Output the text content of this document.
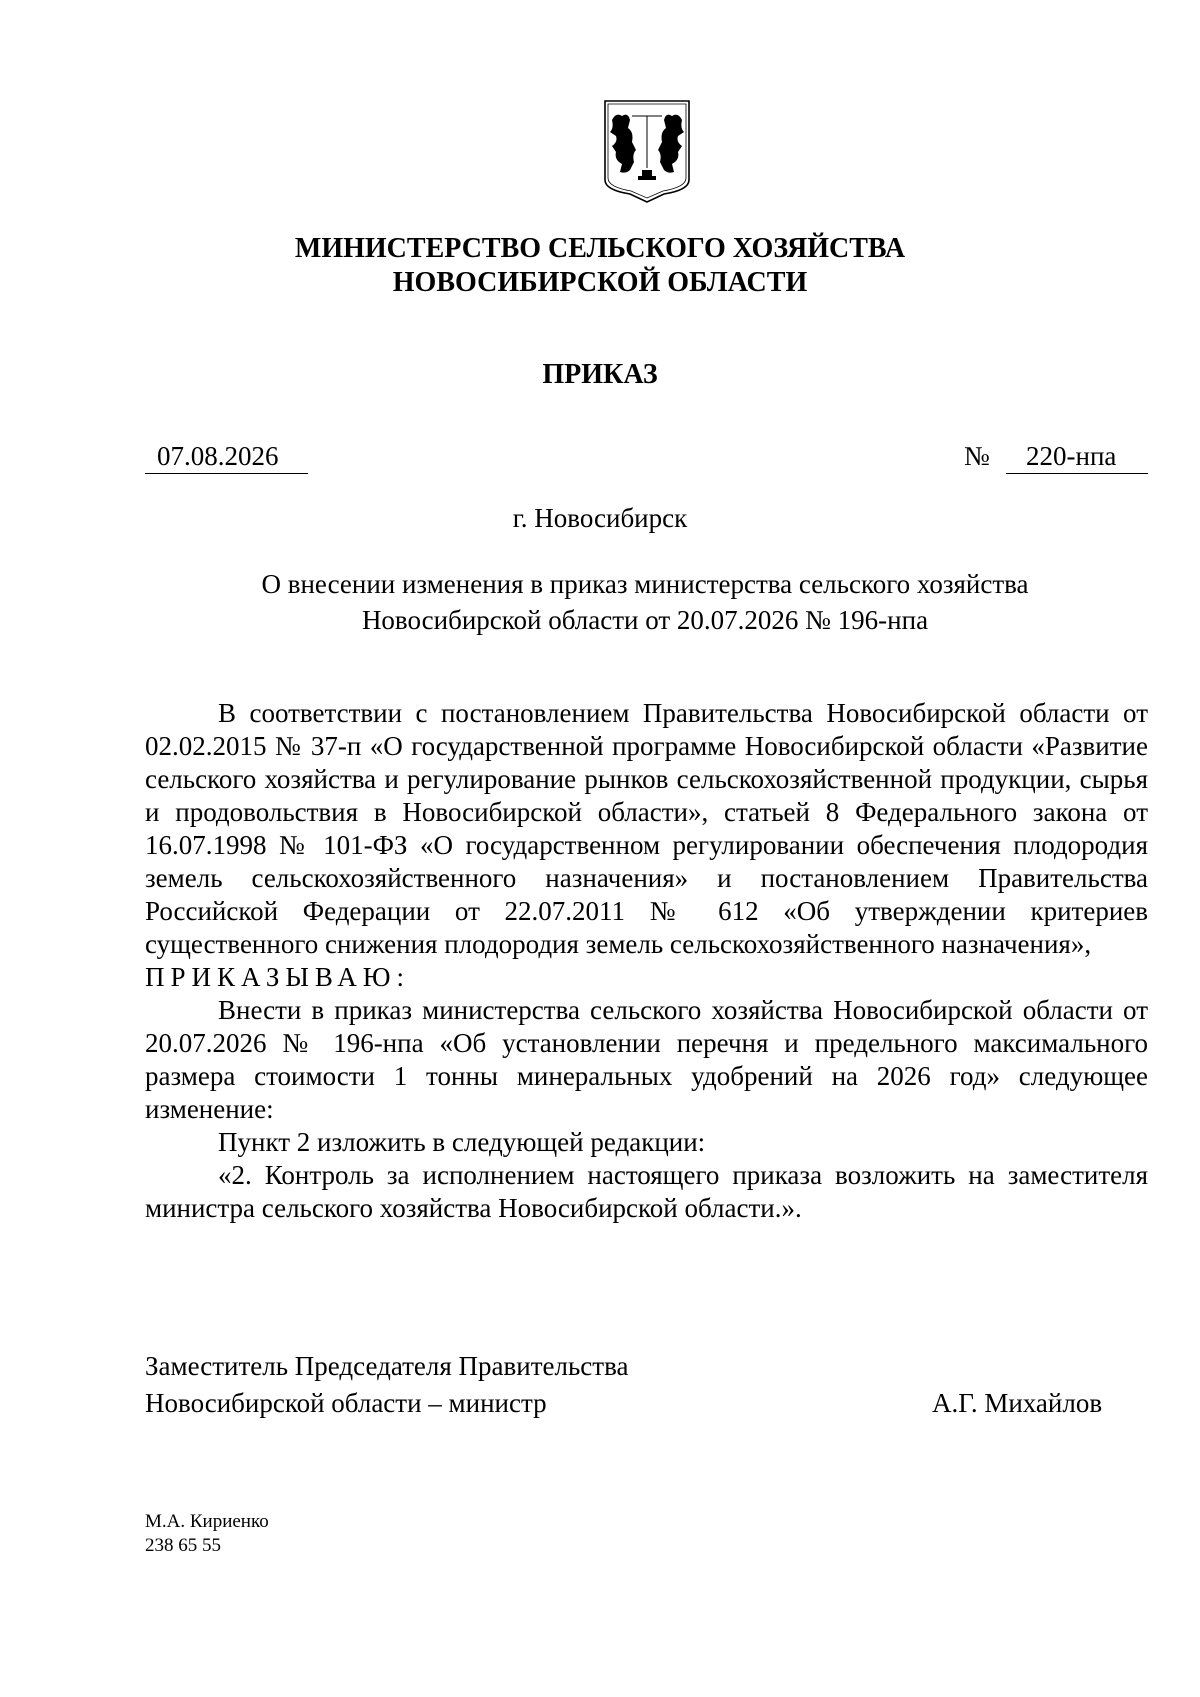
МИНИСТЕРСТВО СЕЛЬСКОГО ХОЗЯЙСТВА
НОВОСИБИРСКОЙ ОБЛАСТИ
ПРИКАЗ
07.08.2026	№	220-нпа
г. Новосибирск
О внесении изменения в приказ министерства сельского хозяйства
Новосибирской области от 20.07.2026 № 196-нпа

В соответствии с постановлением Правительства Новосибирской области от 02.02.2015 № 37-п «О государственной программе Новосибирской области «Развитие сельского хозяйства и регулирование рынков сельскохозяйственной продукции, сырья и продовольствия в Новосибирской области», статьей 8 Федерального закона от 16.07.1998 № 101-ФЗ «О государственном регулировании обеспечения плодородия земель сельскохозяйственного назначения» и постановлением Правительства Российской Федерации от 22.07.2011 № 612 «Об утверждении критериев существенного снижения плодородия земель сельскохозяйственного назначения»,

ПРИКАЗЫВАЮ:

Внести в приказ министерства сельского хозяйства Новосибирской области от 20.07.2026 № 196-нпа «Об установлении перечня и предельного максимального размера стоимости 1 тонны минеральных удобрений на 2026 год» следующее изменение:

Пункт 2 изложить в следующей редакции:

«2. Контроль за исполнением настоящего приказа возложить на заместителя министра сельского хозяйства Новосибирской области.».

Заместитель Председателя Правительства
Новосибирской области – министр	А.Г. Михайлов
М.А. Кириенко
238 65 55
